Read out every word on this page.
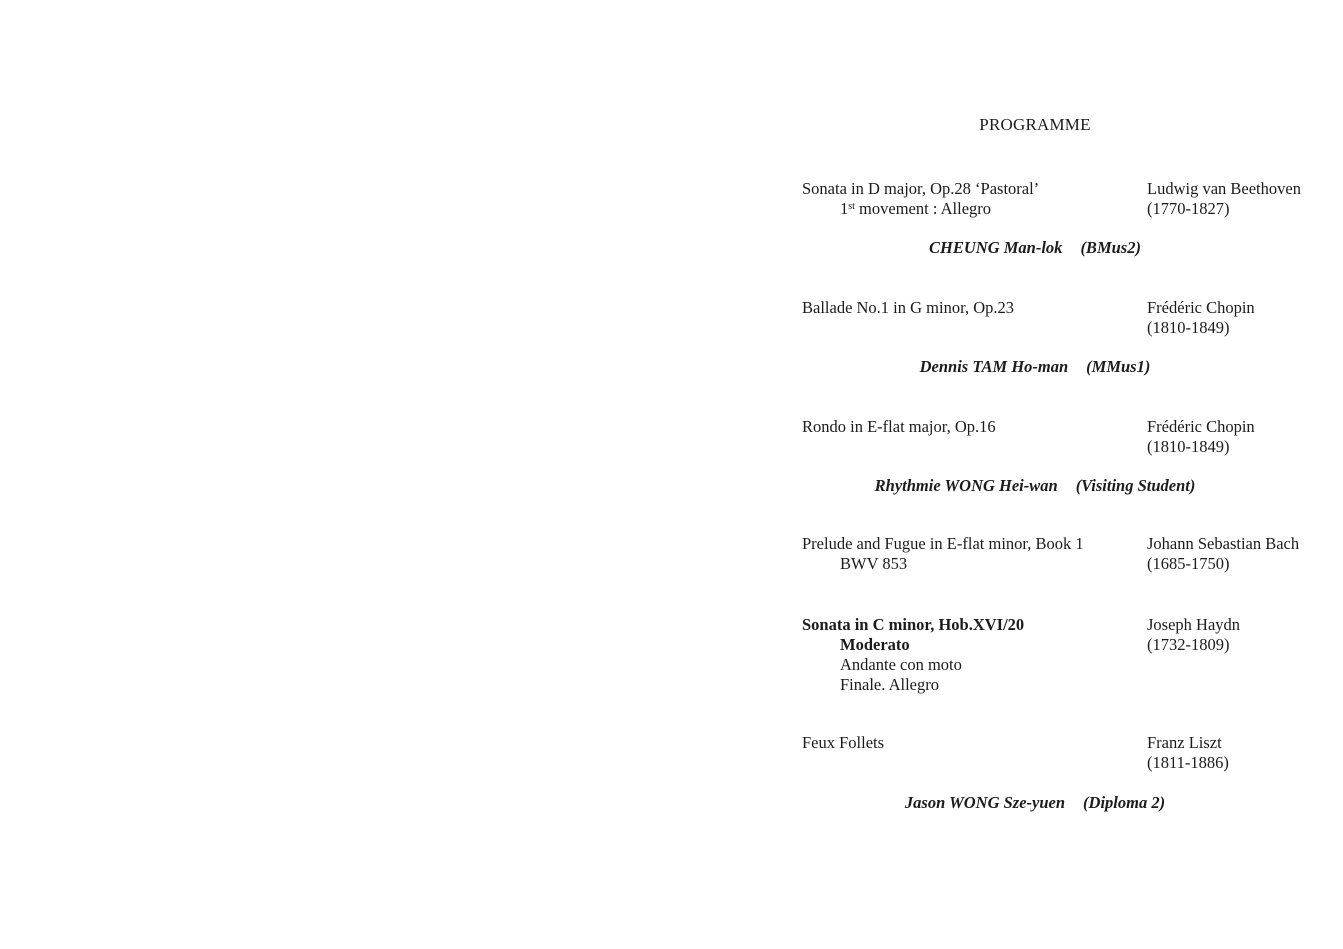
PROGRAMME
Sonata in D major, Op.28 ‘Pastoral’	Ludwig van Beethoven
1st movement : Allegro	(1770-1827)
CHEUNG Man-lok (BMus2)
Ballade No.1 in G minor, Op.23	Frédéric Chopin
(1810-1849)
Dennis TAM Ho-man (MMus1)
Rondo in E-flat major, Op.16	Frédéric Chopin
(1810-1849)
Rhythmie WONG Hei-wan (Visiting Student)
Prelude and Fugue in E-flat minor, Book 1	Johann Sebastian Bach
BWV 853	(1685-1750)
Sonata in C minor, Hob.XVI/20	Joseph Haydn
Moderato	(1732-1809)
Andante con moto
Finale. Allegro
Feux Follets	Franz Liszt
(1811-1886)
Jason WONG Sze-yuen (Diploma 2)
